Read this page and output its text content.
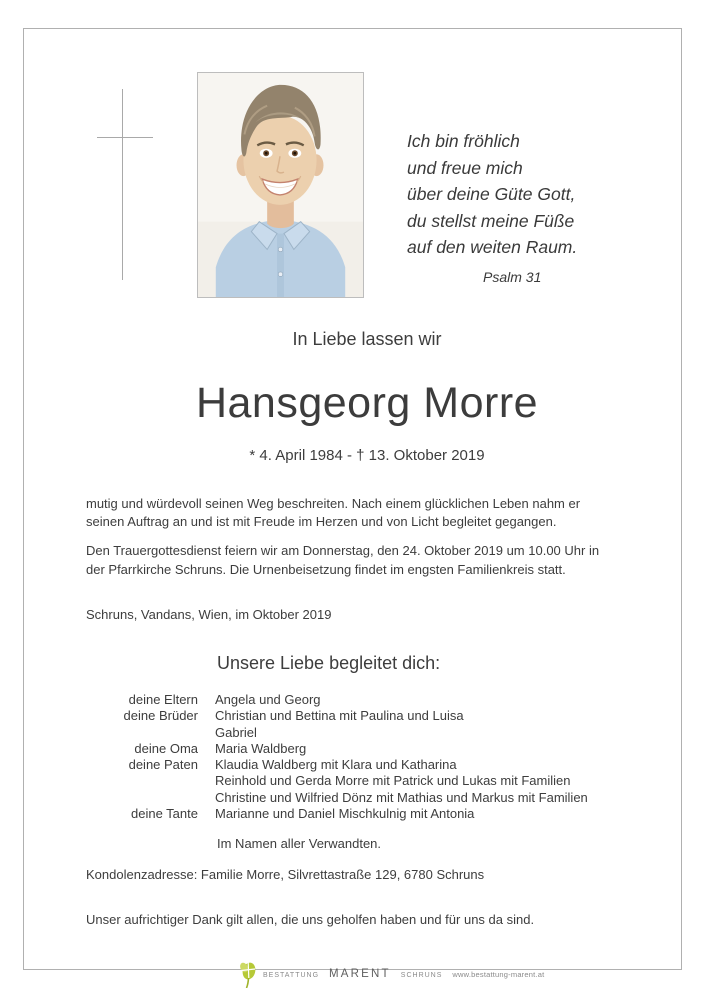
Ich bin fröhlich
und freue mich
über deine Güte Gott,
du stellst meine Füße
auf den weiten Raum.
Psalm 31
In Liebe lassen wir
Hansgeorg Morre
* 4. April 1984 - † 13. Oktober 2019
mutig und würdevoll seinen Weg beschreiten. Nach einem glücklichen Leben nahm er seinen Auftrag an und ist mit Freude im Herzen und von Licht begleitet gegangen.
Den Trauergottesdienst feiern wir am Donnerstag, den 24. Oktober 2019 um 10.00 Uhr in der Pfarrkirche Schruns. Die Urnenbeisetzung findet im engsten Familienkreis statt.
Schruns, Vandans, Wien, im Oktober 2019
Unsere Liebe begleitet dich:
deine Eltern Angela und Georg
deine Brüder Christian und Bettina mit Paulina und Luisa
Gabriel
deine Oma Maria Waldberg
deine Paten Klaudia Waldberg mit Klara und Katharina
Reinhold und Gerda Morre mit Patrick und Lukas mit Familien
Christine und Wilfried Dönz mit Mathias und Markus mit Familien
deine Tante Marianne und Daniel Mischkulnig mit Antonia
Im Namen aller Verwandten.
Kondolenzadresse: Familie Morre, Silvrettastraße 129, 6780 Schruns
Unser aufrichtiger Dank gilt allen, die uns geholfen haben und für uns da sind.
BESTATTUNG MARENT SCHRUNS www.bestattung-marent.at
